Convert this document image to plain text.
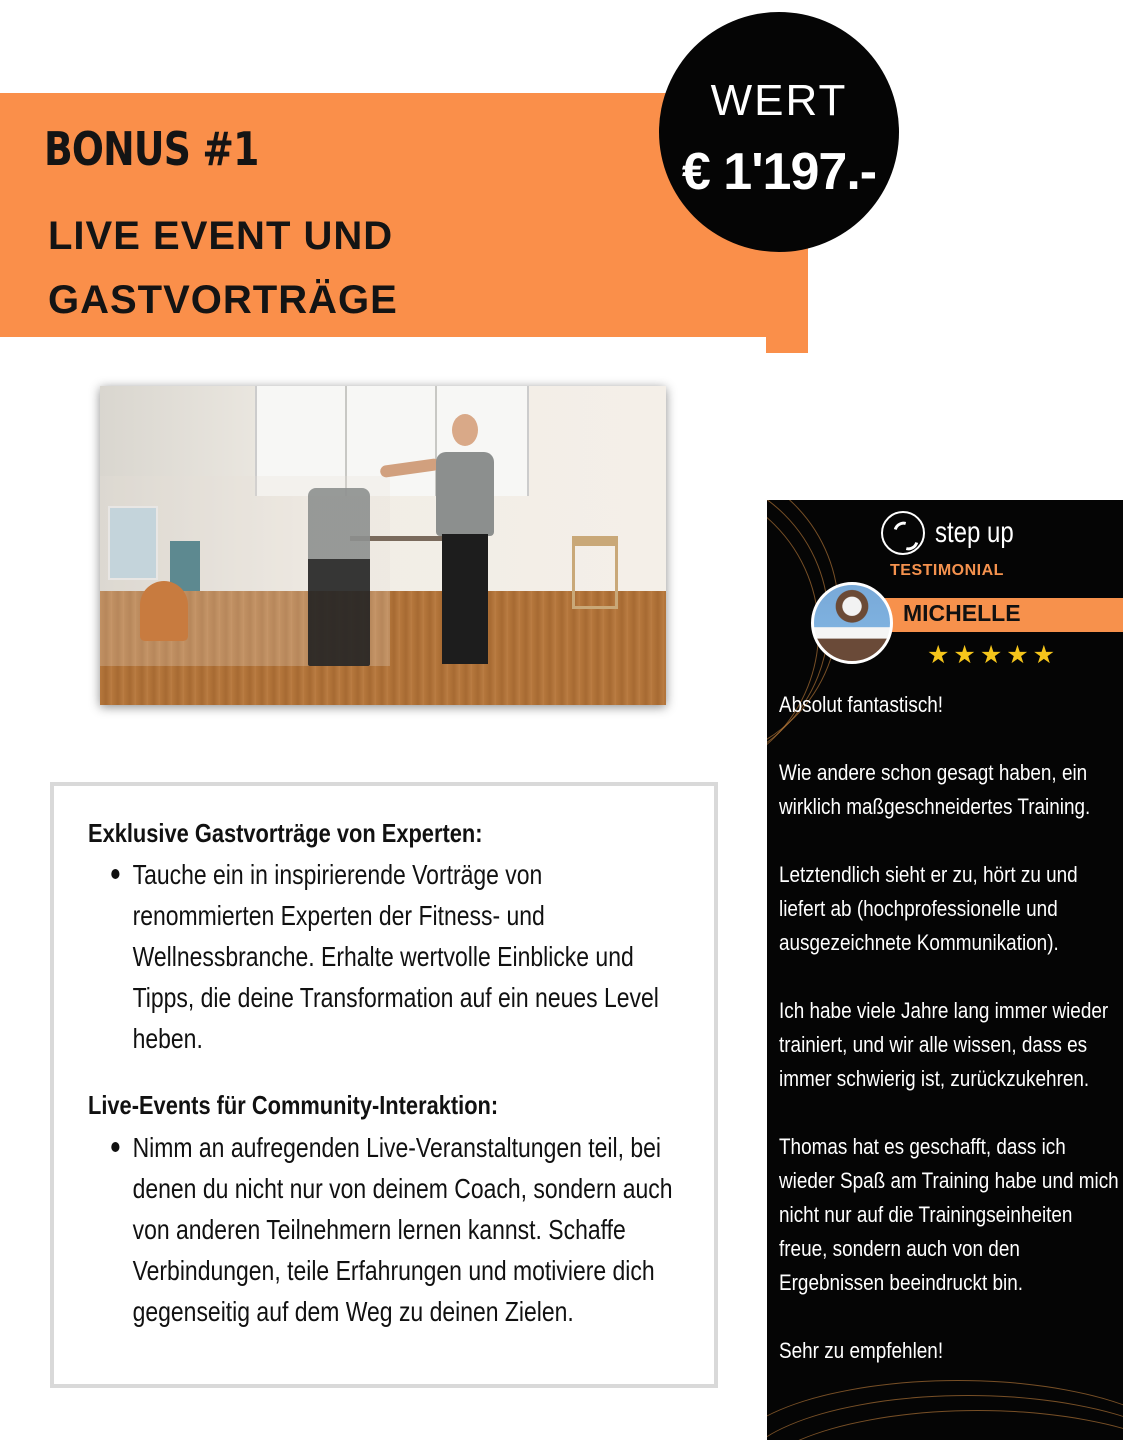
BONUS #1
LIVE EVENT UND
GASTVORTRÄGE
WERT
€ 1'197.-
Exklusive Gastvorträge von Experten:
Tauche ein in inspirierende Vorträge von renommierten Experten der Fitness- und Wellnessbranche. Erhalte wertvolle Einblicke und Tipps, die deine Transformation auf ein neues Level heben.
Live-Events für Community-Interaktion:
Nimm an aufregenden Live-Veranstaltungen teil, bei denen du nicht nur von deinem Coach, sondern auch von anderen Teilnehmern lernen kannst. Schaffe Verbindungen, teile Erfahrungen und motiviere dich gegenseitig auf dem Weg zu deinen Zielen.
step up
TESTIMONIAL
MICHELLE
★★★★★

Absolut fantastisch!

Wie andere schon gesagt haben, ein wirklich maßgeschneidertes Training.

Letztendlich sieht er zu, hört zu und liefert ab (hochprofessionelle und ausgezeichnete Kommunikation).

Ich habe viele Jahre lang immer wieder trainiert, und wir alle wissen, dass es immer schwierig ist, zurückzukehren.

Thomas hat es geschafft, dass ich wieder Spaß am Training habe und mich nicht nur auf die Trainingseinheiten freue, sondern auch von den Ergebnissen beeindruckt bin.

Sehr zu empfehlen!
